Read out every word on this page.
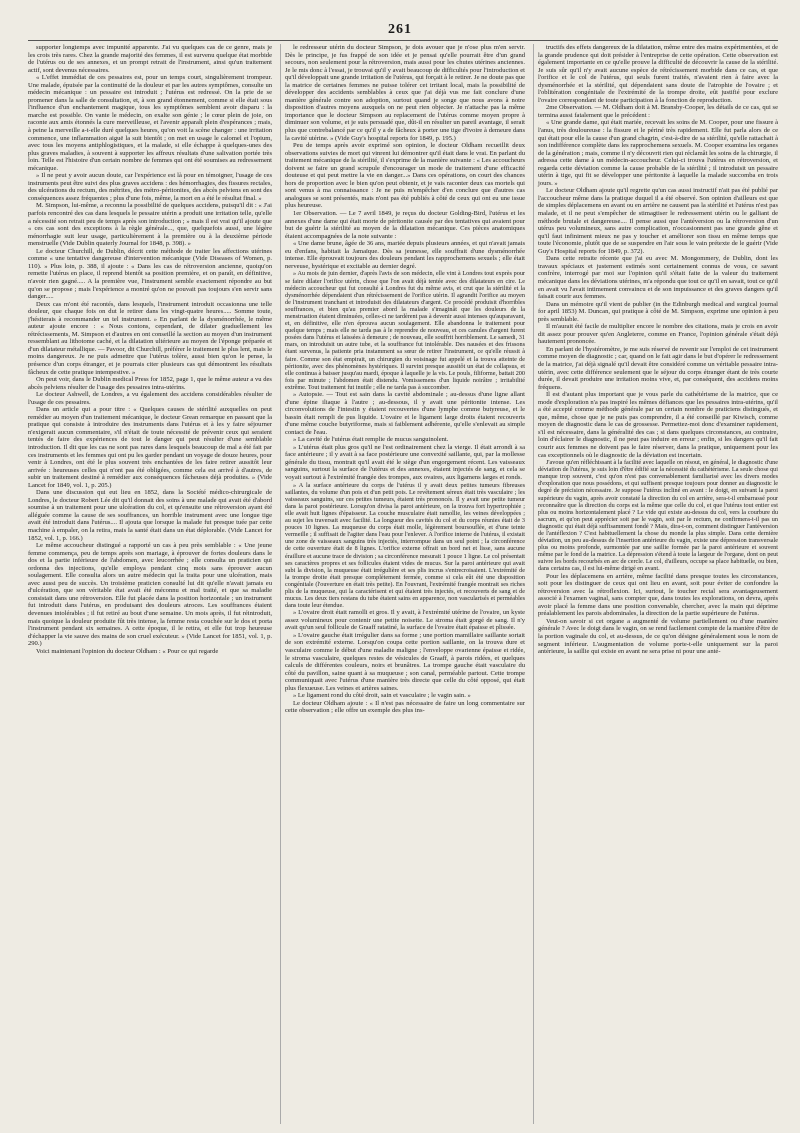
261

supporter longtemps avec impunité apparente. J'ai vu quelques cas de ce genre, mais je les crois très rares. Chez la grande majorité des femmes, il est survenu quelque état morbide de l'utérus ou de ses annexes, et un prompt retrait de l'instrument, ainsi qu'un traitement actif, sont devenus nécessaires.

« L'effet immédiat de ces pessaires est, pour un temps court, singulièrement trompeur. Une malade, épuisée par la continuité de la douleur et par les autres symptômes, consulte un médecin mécanique : un pessaire est introduit ; l'utérus est redressé. On la prie de se promener dans la salle de consultation, et, à son grand étonnement, comme si elle était sous l'influence d'un enchantement magique, tous les symptômes semblent avoir disparu : la marche est possible. On vante le médecin, on exalte son génie ; le cœur plein de joie, on raconte aux amis étonnés la cure merveilleuse, et l'avenir apparaît plein d'espérances ; mais, à peine la merveille a-t-elle duré quelques heures, qu'on voit la scène changer : une irritation commence, une inflammation aiguë la suit bientôt ; on met en usage le calomel et l'opium, avec tous les moyens antiphlogistiques, et la malade, si elle échappe à quelques-unes des plus graves maladies, à souvent à supporter les affreux résultats d'une salivation portée très loin. Telle est l'histoire d'un certain nombre de femmes qui ont été soumises au redressement mécanique.

» Il ne peut y avoir aucun doute, car l'expérience est là pour en témoigner, l'usage de ces instruments peut être suivi des plus graves accidens : des hémorrhagies, des fissures rectales, des ulcérations du rectum, des métrites, des métro-péritonites, des abcès pelviens en sont des conséquences assez fréquentes ; plus d'une fois, même, la mort en a été le résultat final. »

M. Simpson, lui-même, a reconnu la possibilité de quelques accidens, puisqu'il dit : « J'ai parfois rencontré des cas dans lesquels le pessaire utérin a produit une irritation telle, qu'elle a nécessité son retrait peu de temps après son introduction ; » mais il est vrai qu'il ajoute que « ces cas sont des exceptions à la règle générale..., que, quelquefois aussi, une légère ménorrhagie suit leur usage, particulièrement à la première ou à la deuxième période menstruelle (Vide Dublin quaterly Journal for 1848, p. 398). »

Le docteur Churchill, de Dublin, décrit cette méthode de traiter les affections utérines comme « une tentative dangereuse d'intervention mécanique (Vide Diseases of Women, p. 110). » Plus loin, p. 388, il ajoute : « Dans les cas de rétroversion ancienne, quoiqu'on remette l'utérus en place, il reprend bientôt sa position première, et on paraît, en définitive, n'avoir rien gagné..... A la première vue, l'instrument semble exactement répondre au but qu'on se propose ; mais l'expérience a montré qu'on ne pouvait pas toujours s'en servir sans danger.....

Deux cas m'ont été racontés, dans lesquels, l'instrument introduit occasionna une telle douleur, que chaque fois on dut le retirer dans les vingt-quatre heures..... Somme toute, j'hésiterais à recommander un tel instrument. » En parlant de la dysménorrhée, le même auteur ajoute encore : « Nous contons, cependant, de dilater graduellement les rétrécissements, M. Simpson et d'autres en ont conseillé la section au moyen d'un instrument ressemblant au lithotome caché, et la dilatation ultérieure au moyen de l'éponge préparée et d'un dilatateur métallique. — Pavoor, dit Churchill, préférer le traitement le plus lent, mais le moins dangereux. Je ne puis admettre que l'utérus tolère, aussi bien qu'on le pense, la présence d'un corps étranger, et je pourrais citer plusieurs cas qui démontrent les résultats fâcheux de cette pratique intempestive. »

On peut voir, dans le Dublin medical Press for 1852, page 1, que le même auteur a vu des abcès pelviens résulter de l'usage des pessaires intra-utérins.

Le docteur Ashwell, de Londres, a vu également des accidens considérables résulter de l'usage de ces pessaires.

Dans un article qui a pour titre : « Quelques causes de stérilité auxquelles on peut remédier au moyen d'un traitement mécanique, le docteur Grean remarque en passant que la pratique qui consiste à introduire des instruments dans l'utérus et à les y faire séjourner n'exigerait aucun commentaire, s'il n'était de toute nécessité de prévenir ceux qui seraient tentés de faire des expériences de tout le danger qui peut résulter d'une semblable introduction. Il dit que les cas ne sont pas rares dans lesquels beaucoup de mal a été fait par ces instruments et les femmes qui ont pu les garder pendant un voyage de douze heures, pour venir à Londres, ont été le plus souvent très enchantées de les faire retirer aussitôt leur arrivée : heureuses celles qui n'ont pas été obligées, comme cela est arrivé à d'autres, de subir un traitement destiné à remédier aux conséquences fâcheuses déjà produites. » (Vide Lancet for 1849, vol. 1, p. 205.)

Dans une discussion qui eut lieu en 1852, dans la Société médico-chirurgicale de Londres, le docteur Robert Lée dit qu'il donnait des soins à une malade qui avait été d'abord soumise à un traitement pour une ulcération du col, et qu'ensuite une rétroversion ayant été alléguée comme la cause de ses souffrances, un horrible instrument avec une longue tige avait été introduit dans l'utérus.... Il ajouta que lorsque la malade fut presque tuée par cette machine à empaler, on la retira, mais la santé était dans un état déplorable. (Vide Lancet for 1852, vol. 1, p. 166.)

Le même accoucheur distingué a rapporté un cas à peu près semblable : « Une jeune femme commença, peu de temps après son mariage, à éprouver de fortes douleurs dans le dos et la partie inférieure de l'abdomen, avec leucorrhée ; elle consulta un praticien qui ordonna des injections, qu'elle employa pendant cinq mois sans éprouver aucun soulagement. Elle consulta alors un autre médecin qui la traita pour une ulcération, mais avec aussi peu de succès. Un troisième praticien consulté lui dit qu'elle n'avait jamais eu d'ulcération, que son véritable état avait été méconnu et mal traité, et que sa maladie consistait dans une rétroversion. Elle fut placée dans la position horizontale ; un instrument fut introduit dans l'utérus, en produisant des douleurs atroces. Les souffrances étaient devenues intolérables ; il fut retiré au bout d'une semaine. Un mois après, il fut réintroduit, mais quoique la douleur produite fût très intense, la femme resta couchée sur le dos et porta l'instrument pendant six semaines. A cette époque, il le retira, et elle fut trop heureuse d'échapper la vie sauve des mains de son cruel exécuteur. » (Vide Lancet for 1851, vol. 1, p. 290.)

Voici maintenant l'opinion du docteur Oldham : « Pour ce qui regarde

le redresseur utérin du docteur Simpson, je dois avouer que je n'ose plus m'en servir. Dès le principe, je fus frappé de son idée et je pensai qu'elle pourrait être d'un grand secours, non seulement pour la rétroversion, mais aussi pour les chutes utérines anciennes. Je le mis donc à l'essai, je trouvai qu'il y avait beaucoup de difficultés pour l'introduction et qu'il développait une grande irritation de l'utérus, qui forçait à le retirer. Je ne doute pas que la matrice de certaines femmes ne puisse tolérer cet irritant local, mais la possibilité de développer des accidents semblables à ceux que j'ai déjà vus me fait conclure d'une manière générale contre son adoption, surtout quand je songe que nous avons à notre disposition d'autres moyens auxquels on ne peut rien objecter. Je n'attache pas la même importance que le docteur Simpson au replacement de l'utérus comme moyen propre à diminuer son volume, et je suis persuadé que, dût-il en résulter un pareil avantage, il serait plus que contrebalancé par ce qu'il y a de fâcheux à porter une tige d'ivoire à demeure dans la cavité utérine. » (Vide Guy's hospital reports for 1849, p. 195.)

Peu de temps après avoir exprimé son opinion, le docteur Oldham recueillit deux observations suivies de mort qui vinrent lui démontrer qu'il était dans le vrai. En parlant du traitement mécanique de la stérilité, il s'exprime de la manière suivante : « Les accoucheurs doivent se faire un grand scrupule d'encourager un mode de traitement d'une efficacité douteuse et qui peut mettre la vie en danger...» Dans ces opérations, on court des chances hors de proportion avec le bien qu'on peut obtenir, et je vais raconter deux cas mortels qui sont venus à ma connaissance : Je ne puis m'empêcher d'en conclure que d'autres cas analogues se sont présentés, mais n'ont pas été publiés à côté de ceux qui ont eu une issue plus heureuse.

1er Observation. — Le 7 avril 1849, je reçus du docteur Golding-Bird, l'utérus et les annexes d'une dame qui était morte de péritonite causée par des tentatives qui avaient pour but de guérir la stérilité au moyen de la dilatation mécanique. Ces pièces anatomiques étaient accompagnées de la note suivante :

« Une dame brune, âgée de 36 ans, mariée depuis plusieurs années, et qui n'avait jamais eu d'enfans, habitait la Jamaïque. Dès sa jeunesse, elle souffrait d'une dysménorrhée intense. Elle éprouvait toujours des douleurs pendant les rapprochemens sexuels ; elle était nerveuse, hystérique et excitable au dernier degré.

» Au mois de juin dernier, d'après l'avis de son médecin, elle vint à Londres tout exprès pour se faire dilater l'orifice utérin, chose que l'on avait déjà tentée avec des dilatateurs en cire. Le médecin accoucheur qui fut consulté à Londres fut du même avis, et crut que la stérilité et la dysménorrhée dépendaient d'un rétrécissement de l'orifice utérin. Il agrandit l'orifice au moyen de l'instrument tranchant et introduisit des dilatateurs d'argent. Ce procédé produisit d'horribles souffrances, et bien qu'au premier abord la malade s'imaginât que les douleurs de la menstruation étaient diminuées, celles-ci ne tardèrent pas à devenir aussi intenses qu'auparavant, et, en définitive, elle n'en éprouva aucun soulagement. Elle abandonna le traitement pour quelque temps ; mais elle ne tarda pas à le reprendre de nouveau, et ces canules d'argent furent posées dans l'utérus et laissées à demeure ; de nouveau, elle souffrit horriblement. Le samedi, 31 mars, on introduisit un autre tube, et la souffrance fut intolérable. Des nausées et des frissons étant survenus, la patiente pria instamment sa sœur de retirer l'instrument, ce qu'elle réussit à faire. Comme son état empirait, un chirurgien du voisinage fut appelé et la trouva atteinte de péritonite, avec des phénomènes hystériques. Il survint presque aussitôt un état de collapsus, et elle continua à baisser jusqu'au mardi, époque à laquelle je la vis. Le pouls, filiforme, battait 200 fois par minute ; l'abdomen était distendu. Vomissemens d'un liquide noirâtre ; irritabilité extrême. Tout traitement fut inutile ; elle ne tarda pas à succomber.

» Autopsie. — Tout est sain dans la cavité abdominale ; au-dessus d'une ligne allant d'une épine iliaque à l'autre ; au-dessous, il y avait une péritonite intense. Les circonvolutions de l'intestin y étaient recouvertes d'une lymphe comme butyreuse, et le bassin était rempli de pus liquide. L'ovaire et le ligament large droits étaient recouverts d'une même couche butyriforme, mais si faiblement adhérente, qu'elle s'enlevait au simple contact de l'eau.

» La cavité de l'utérus était remplie de mucus sanguinolent.

» L'utérus était plus gros qu'il ne l'est ordinairement chez la vierge. Il était arrondi à sa face antérieure ; il y avait à sa face postérieure une convexité saillante, qui, par la mollesse générale du tissu, montrait qu'il avait été le siège d'un engorgement récent. Les vaisseaux sanguins, surtout la surface de l'utérus et des annexes, étaient injectés de sang, et cela se voyait surtout à l'extrémité frangée des trompes, aux ovaires, aux ligamens larges et ronds.

» A la surface antérieure du corps de l'utérus il y avait deux petites tumeurs fibreuses saillantes, du volume d'un pois et d'un petit pois. Le revêtement séreux était très vasculaire ; les vaisseaux sanguins, sur ces petites tumeurs, étaient très prononcés. Il y avait une petite tumeur dans la paroi postérieure. Lorsqu'on divisa la paroi antérieure, on la trouva fort hypertrophiée ; elle avait huit lignes d'épaisseur. La couche musculaire était ramollie, les veines développées ; au sujet les traversait avec facilité. La longueur des cavités du col et du corps réunies était de 3 pouces 10 lignes. La muqueuse du corps était molle, légèrement boursouflée, et d'une teinte vermeille ; il suffisait de l'agiter dans l'eau pour l'enlever. A l'orifice interne de l'utérus, il existait une zone de vaisseaux sanguins très injectés, interrompue dans un seul point ; la circonférence de cette ouverture était de 8 lignes. L'orifice externe offrait un bord net et lisse, sans aucune éraillure et aucune trace de division ; sa circonférence mesurait 1 pouce 1 ligne. Le col présentait ses caractères propres et ses follicules étaient vides de mucus. Sur la paroi antérieure qui avait subi la division, la muqueuse était irrégulière et ses plis incrus s'entrecroisaient. L'extrémité de la trompe droite était presque complètement fermée, comme si cela eût été une disposition congénitale (l'ouverture en était très petite). En l'ouvrant, l'extrémité frangée montrait ses riches plis de la muqueuse, qui la caractérisent et qui étaient très injectés, et recouverts de sang et de mucus. Les deux tiers restans du tube étaient sains en apparence, non vascularisés et perméables dans toute leur étendue.

» L'ovaire droit était ramolli et gros. Il y avait, à l'extrémité utérine de l'ovaire, un kyste assez volumineux pour contenir une petite noisette. Le stroma était gorgé de sang. Il n'y avait qu'un seul follicule de Graaff ratatiné, la surface de l'ovaire était épaisse et plissée.

» L'ovaire gauche était irrégulier dans sa forme ; une portion mamillaire saillante sortait de son extrémité externe. Lorsqu'on coupa cette portion saillante, on la trouva dure et vasculaire comme le début d'une maladie maligne ; l'enveloppe ovarienne épaisse et ridée, le stroma vasculaire, quelques restes de vésicules de Graaff, à parois ridées, et quelques calculs de différentes couleurs, noirs et brunâtres. La trompe gauche était vasculaire du côté du pavillon, saine quant à sa muqueuse ; son canal, perméable partout. Cette trompe communiquait avec l'utérus d'une manière très directe que celle du côté opposé, qui était plus flexueuse. Les veines et artères saines.

» Le ligament rond du côté droit, sain et vasculaire ; le vagin sain. »

Le docteur Oldham ajoute : « Il n'est pas nécessaire de faire un long commentaire sur cette observation ; elle offre un exemple des plus ins-

tructifs des effets dangereux de la dilatation, même entre des mains expérimentées, et de la grande prudence qui doit présider à l'entreprise de cette opération. Cette observation est également importante en ce qu'elle prouve la difficulté de découvrir la cause de la stérilité. Je suis sûr qu'il n'y avait aucune espèce de rétrécissement morbide dans ce cas, et que l'orifice et le col de l'utérus, qui seuls furent traités, n'avaient rien à faire avec la dysménorrhée et la stérilité, qui dépendaient sans doute de l'atrophie de l'ovaire ; et l'oblitération congénitale de l'extrémité de la trompe droite, eût justifié pour exclure l'ovaire correspondant de toute participation à la fonction de reproduction.

2me Observation. — M. Oldham doit à M. Bransby-Cooper, les détails de ce cas, qui se termina aussi fatalement que le précédent :

« Une grande dame, qui était mariée, recevait les soins de M. Cooper, pour une fissure à l'anus, très douloureuse : la fissure et le périné très rapidement. Elle fut parla alors de ce qui était pour elle la cause d'un grand chagrin, c'est-à-dire de sa stérilité, qu'elle rattachait à son indifférence complète dans les rapprochemens sexuels. M. Cooper examina les organes de la génération ; mais, comme il n'y découvrit rien qui réclamât les soins de la chirurgie, il adressa cette dame à un médecin-accoucheur. Celui-ci trouva l'utérus en rétroversion, et regarda cette déviation comme la cause probable de la stérilité ; il introduisit un pessaire utérin à tige, qui fit se développer une péritonite à laquelle la malade succomba en trois jours. »

Le docteur Oldham ajoute qu'il regrette qu'un cas aussi instructif n'ait pas été publié par l'accoucheur même dans la pratique duquel il a été observé. Son opinion d'ailleurs est que de simples déplacemens en avant ou en arrière ne causent pas la stérilité et l'utérus n'est pas malade, et il ne peut s'empêcher de stimagtiser le redressement utérin ou le galliant de méthode brutale et dangereuse.... Il pense aussi que l'antéversion ou la rétroversion d'un utérus peu volumineux, sans autre complication, n'occasionnent pas une grande gêne et qu'il faut infiniment mieux ne pas y toucher et améliorer son tissu en même temps que toute l'économie, plutôt que de se suspendre en l'air sous le vain prétexte de le guérir (Vide Guy's Hospital reports for 1849, p. 372).

Dans cette retraite récente que j'ai eu avec M. Mongommery, de Dublin, dont les travaux spéciaux et justement estimés sont certainement connus de vous, ce savant confrère, interrogé par moi sur l'opinion qu'il s'était faite de la valeur du traitement mécanique dans les déviations utérines, m'a répondu que tout ce qu'il en savait, tout ce qu'il en avait vu l'avait intimement convaincu et de son impuissance et des graves dangers qu'il faisait courir aux femmes.

Dans un mémoire qu'il vient de publier (in the Edinburgh medical and surgical journal for april 1853) M. Duncan, qui pratique à côté de M. Simpson, exprime une opinion à peu près semblable.

Il m'aurait été facile de multiplier encore le nombre des citations, mais je crois en avoir dit assez pour prouver qu'en Angleterre, comme en France, l'opinion générale s'était déjà hautement prononcée.

En parlant de l'hystéromètre, je me suis réservé de revenir sur l'emploi de cet instrument comme moyen de diagnostic ; car, quand on le fait agir dans le but d'opérer le redressement de la matrice, j'ai déjà signalé qu'il devait être considéré comme un véritable pessaire intra-utérin, avec cette différence seulement que le séjour du corps étranger étant de très courte durée, il devait produire une irritation moins vive, et, par conséquent, des accidens moins fréquens.

Il est d'autant plus important que je vous parle du cathétérisme de la matrice, que ce mode d'exploration n'a pas inspiré les mêmes défiances que les pessaires intra-utérins, qu'il a été accepté comme méthode générale par un certain nombre de praticiens distingués, et que, même, chose que je ne puis pas comprendre, il a été conseillé par Kiwisch, comme moyen de diagnostic dans le cas de grossesse. Permettez-moi donc d'examiner rapidement, s'il est nécessaire, dans la généralité des cas ; si dans quelques circonstances, au contraire, loin d'éclairer le diagnostic, il ne peut pas induire en erreur ; enfin, si les dangers qu'il fait courir aux femmes ne doivent pas le faire réserver, dans la pratique, uniquement pour les cas exceptionnels où le diagnostic de la déviation est incertain.

J'avoue qu'en réfléchissant à la facilité avec laquelle on résout, en général, le diagnostic d'une déviation de l'utérus, je suis loin d'être édifié sur la nécessité du cathétérisme. La seule chose qui manque trop souvent, c'est qu'on n'est pas convenablement familiarisé avec les divers modes d'exploration que nous possédons, et qui suffisent presque toujours pour donner au diagnostic le degré de précision nécessaire. Je suppose l'utérus incliné en avant : le doigt, en suivant la paroi supérieure du vagin, après avoir constaté la direction du col en arrière, sera-t-il embarrassé pour reconnaître que la direction du corps est la même que celle du col, et que l'utérus tout entier est plus ou moins horizontalement placé ? Le vide qui existe au-dessus du col, vers la courbure du sacrum, et qu'on peut apprécier soit par le vagin, soit par le rectum, ne confirmera-t-il pas un diagnostic qui était déjà suffisamment fondé ? Mais, dira-t-on, comment distinguer l'antéversion de l'antéflexion ? C'est habituellement la chose du monde la plus simple. Dans cette dernière déviation, un peu au-dessus de l'insertion antérieure du vagin, existe une dépression transversale plus ou moins profonde, surmontée par une saillie formée par la paroi antérieure et souvent même par le fond de la matrice. La dépression s'étend à toute la largeur de l'organe, dont on peut suivre les bords recourbés en arc de cercle. Le col, d'ailleurs, occupe sa place habituelle, ou bien, dans certains cas, il est lui-même dirigé en avant.

Pour les déplacemens en arrière, même facilité dans presque toutes les circonstances, soit pour les distinguer de ceux qui ont lieu en avant, soit pour éviter de confondre la rétroversion avec la rétroflexion. Ici, surtout, le toucher rectal sera avantageusement associé à l'examen vaginal, sans compter que, dans toutes les explorations, on devra, après avoir placé la femme dans une position convenable, chercher, avec la main qui déprime préalablement les parois abdominales, la direction de la partie supérieure de l'utérus.

Veut-on savoir si cet organe a augmenté de volume partiellement ou d'une manière générale ? Avec le doigt dans le vagin, on se rend facilement compte de la manière d'être de la portion vaginale du col, et au-dessus, de ce qu'on désigne généralement sous le nom de segment inférieur. L'augmentation de volume porte-t-elle uniquement sur la paroi antérieure, la saillie qui existe en avant ne sera prise ni pour une anté-
